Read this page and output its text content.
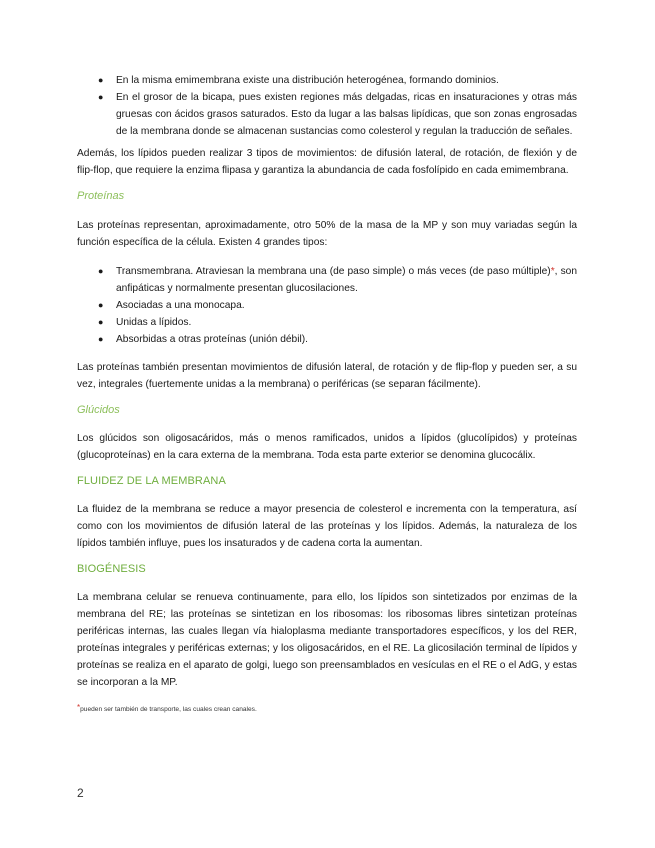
● En la misma emimembrana existe una distribución heterogénea, formando dominios.
● En el grosor de la bicapa, pues existen regiones más delgadas, ricas en insaturaciones y otras más gruesas con ácidos grasos saturados. Esto da lugar a las balsas lipídicas, que son zonas engrosadas de la membrana donde se almacenan sustancias como colesterol y regulan la traducción de señales.

Además, los lípidos pueden realizar 3 tipos de movimientos: de difusión lateral, de rotación, de flexión y de flip-flop, que requiere la enzima flipasa y garantiza la abundancia de cada fosfolípido en cada emimembrana.

Proteínas

Las proteínas representan, aproximadamente, otro 50% de la masa de la MP y son muy variadas según la función específica de la célula. Existen 4 grandes tipos:

● Transmembrana. Atraviesan la membrana una (de paso simple) o más veces (de paso múltiple)*, son anfipáticas y normalmente presentan glucosilaciones.
● Asociadas a una monocapa.
● Unidas a lípidos.
● Absorbidas a otras proteínas (unión débil).

Las proteínas también presentan movimientos de difusión lateral, de rotación y de flip-flop y pueden ser, a su vez, integrales (fuertemente unidas a la membrana) o periféricas (se separan fácilmente).

Glúcidos

Los glúcidos son oligosacáridos, más o menos ramificados, unidos a lípidos (glucolípidos) y proteínas (glucoproteínas) en la cara externa de la membrana. Toda esta parte exterior se denomina glucocálix.

FLUIDEZ DE LA MEMBRANA

La fluidez de la membrana se reduce a mayor presencia de colesterol e incrementa con la temperatura, así como con los movimientos de difusión lateral de las proteínas y los lípidos. Además, la naturaleza de los lípidos también influye, pues los insaturados y de cadena corta la aumentan.

BIOGÉNESIS

La membrana celular se renueva continuamente, para ello, los lípidos son sintetizados por enzimas de la membrana del RE; las proteínas se sintetizan en los ribosomas: los ribosomas libres sintetizan proteínas periféricas internas, las cuales llegan vía hialoplasma mediante transportadores específicos, y los del RER, proteínas integrales y periféricas externas; y los oligosacáridos, en el RE. La glicosilación terminal de lípidos y proteínas se realiza en el aparato de golgi, luego son preensamblados en vesículas en el RE o el AdG, y estas se incorporan a la MP.

*pueden ser también de transporte, las cuales crean canales.

2
